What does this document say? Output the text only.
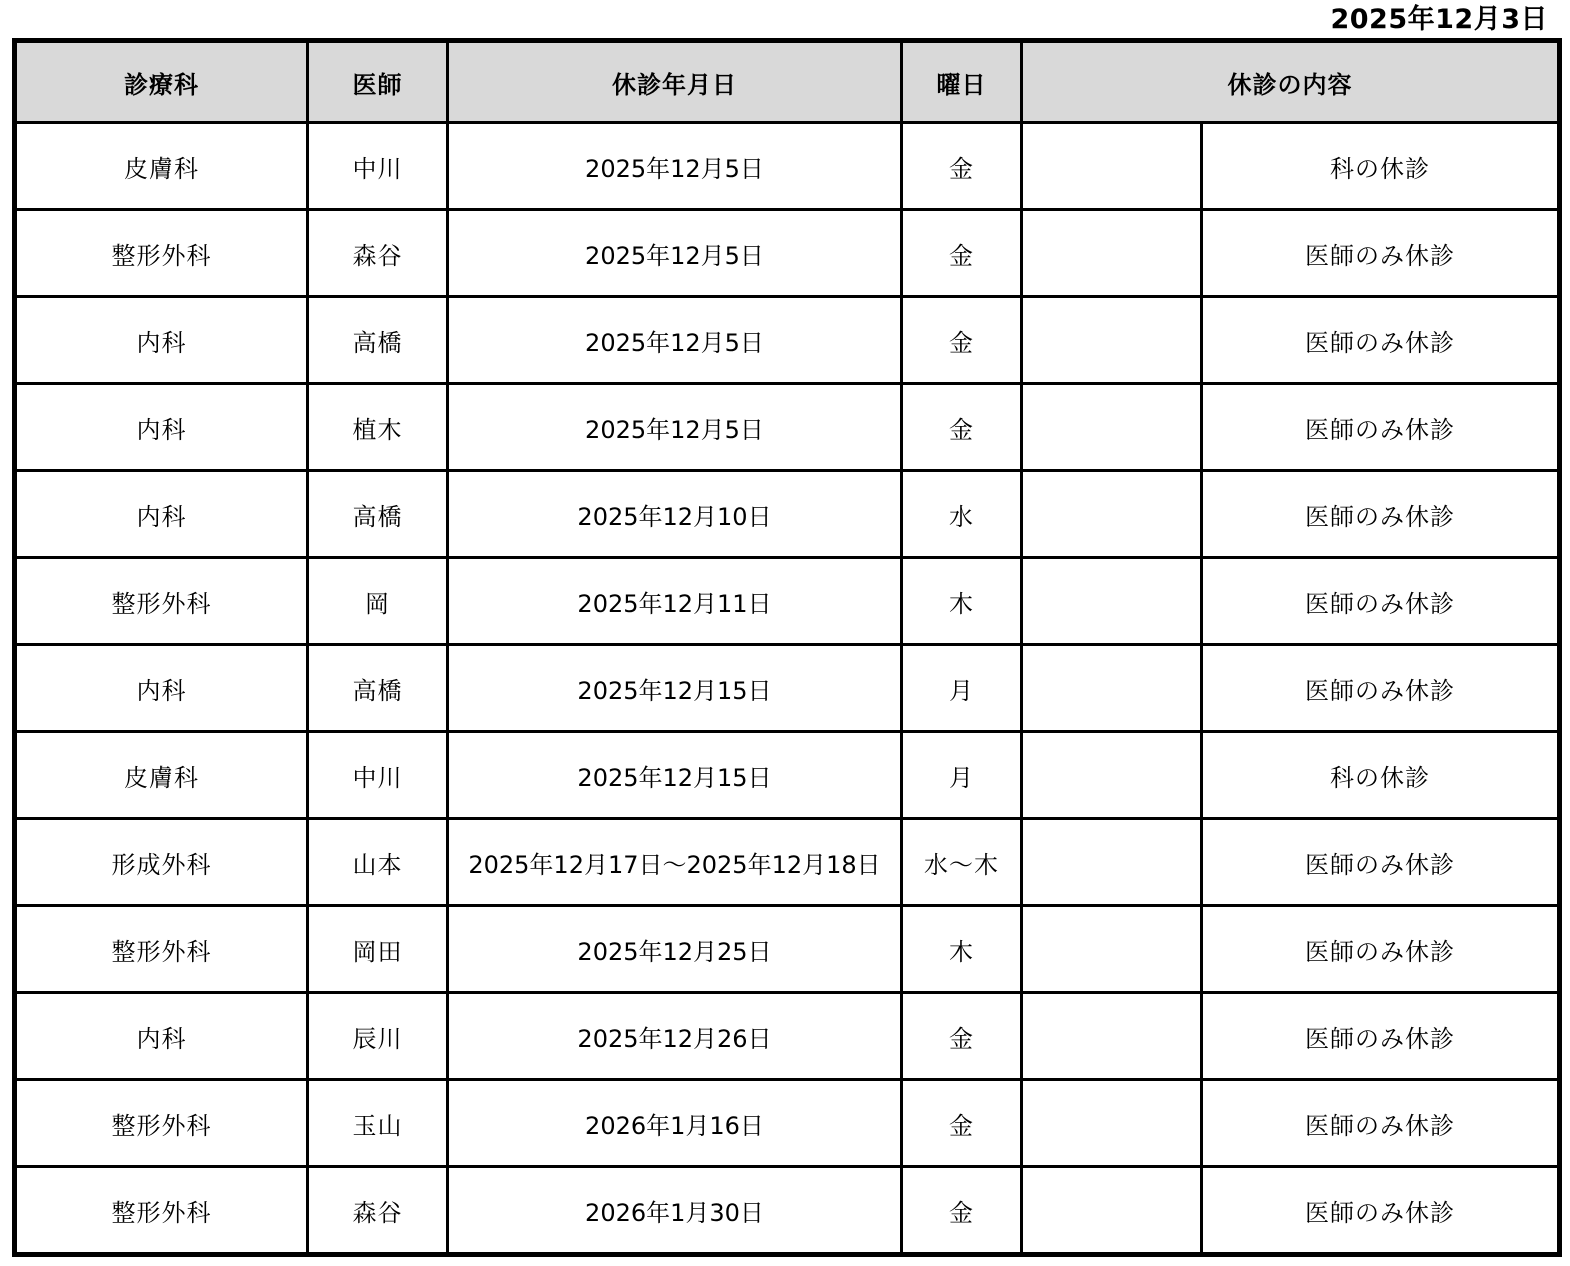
2025年12月3日
診療科	医師	休診年月日	曜日	休診の内容	
皮膚科	中川	2025年12月5日	金		科の休診
整形外科	森谷	2025年12月5日	金		医師のみ休診
内科	高橋	2025年12月5日	金		医師のみ休診
内科	植木	2025年12月5日	金		医師のみ休診
内科	高橋	2025年12月10日	水		医師のみ休診
整形外科	岡	2025年12月11日	木		医師のみ休診
内科	高橋	2025年12月15日	月		医師のみ休診
皮膚科	中川	2025年12月15日	月		科の休診
形成外科	山本	2025年12月17日～2025年12月18日	水～木		医師のみ休診
整形外科	岡田	2025年12月25日	木		医師のみ休診
内科	辰川	2025年12月26日	金		医師のみ休診
整形外科	玉山	2026年1月16日	金		医師のみ休診
整形外科	森谷	2026年1月30日	金		医師のみ休診
